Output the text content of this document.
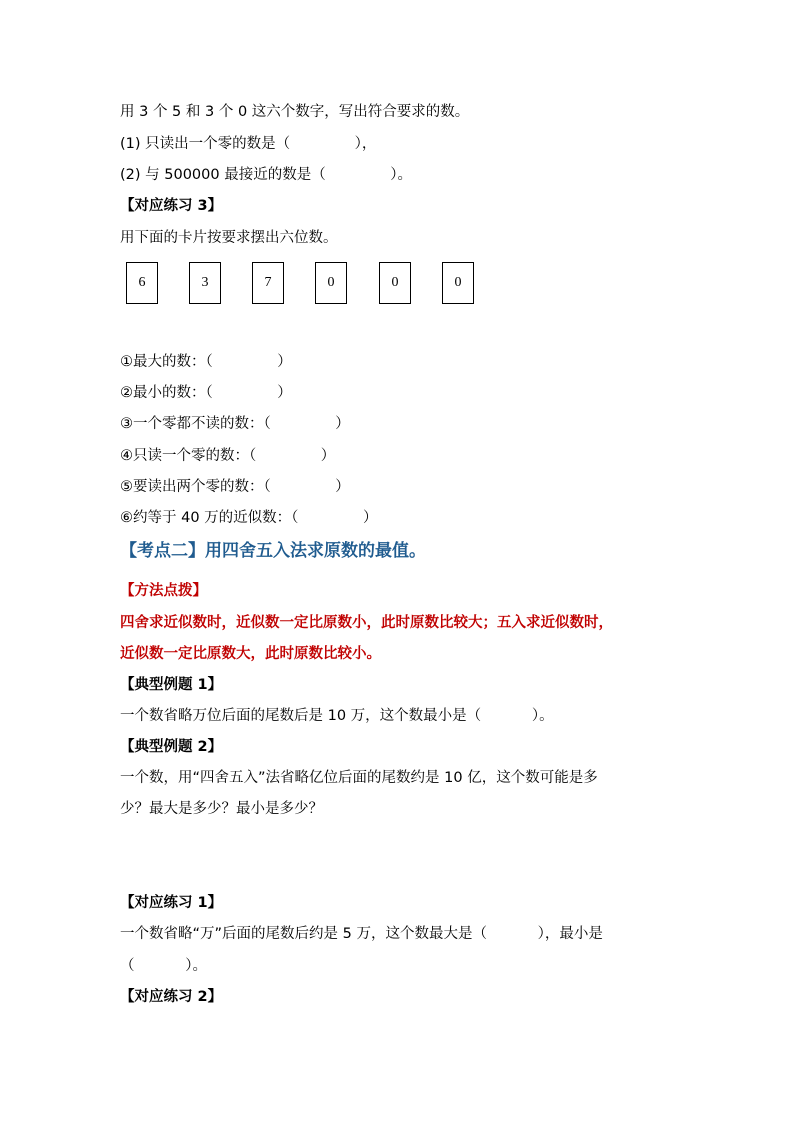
用 3 个 5 和 3 个 0 这六个数字，写出符合要求的数。
(1) 只读出一个零的数是（              ），
(2) 与 500000 最接近的数是（              ）。
【对应练习 3】
用下面的卡片按要求摆出六位数。
6	3	7	0	0	0
①最大的数：（              ）
②最小的数：（              ）
③一个零都不读的数：（              ）
④只读一个零的数：（              ）
⑤要读出两个零的数：（              ）
⑥约等于 40 万的近似数：（              ）
【考点二】用四舍五入法求原数的最值。
【方法点拨】
四舍求近似数时，近似数一定比原数小，此时原数比较大；五入求近似数时，
近似数一定比原数大，此时原数比较小。
【典型例题 1】
一个数省略万位后面的尾数后是 10 万，这个数最小是（           ）。
【典型例题 2】
一个数，用“四舍五入”法省略亿位后面的尾数约是 10 亿，这个数可能是多
少？最大是多少？最小是多少？
【对应练习 1】
一个数省略“万”后面的尾数后约是 5 万，这个数最大是（           ），最小是
（           ）。
【对应练习 2】
